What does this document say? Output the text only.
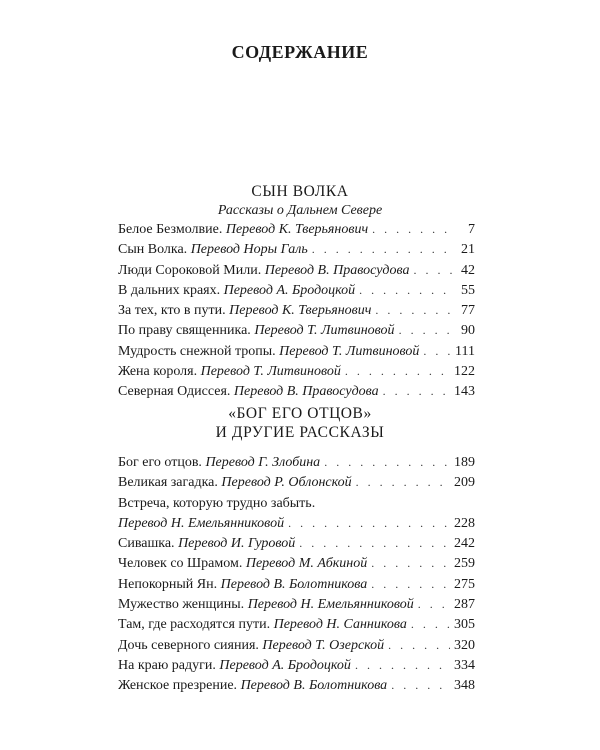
СОДЕРЖАНИЕ
СЫН ВОЛКА
Рассказы о Дальнем Севере
Белое Безмолвие. Перевод К. Тверьянович . . .	7
Сын Волка. Перевод Норы Галь . . .	21
Люди Сороковой Мили. Перевод В. Правосудова . . .	42
В дальних краях. Перевод А. Бродоцкой . . .	55
За тех, кто в пути. Перевод К. Тверьянович . . .	77
По праву священника. Перевод Т. Литвиновой . . .	90
Мудрость снежной тропы. Перевод Т. Литвиновой . . .	111
Жена короля. Перевод Т. Литвиновой . . .	122
Северная Одиссея. Перевод В. Правосудова . . .	143
«БОГ ЕГО ОТЦОВ»
И ДРУГИЕ РАССКАЗЫ
Бог его отцов. Перевод Г. Злобина . . .	189
Великая загадка. Перевод Р. Облонской . . .	209
Встреча, которую трудно забыть.
Перевод Н. Емельянниковой . . .	228
Сивашка. Перевод И. Гуровой . . .	242
Человек со Шрамом. Перевод М. Абкиной . . .	259
Непокорный Ян. Перевод В. Болотникова . . .	275
Мужество женщины. Перевод Н. Емельянниковой . . .	287
Там, где расходятся пути. Перевод Н. Санникова . . .	305
Дочь северного сияния. Перевод Т. Озерской . . .	320
На краю радуги. Перевод А. Бродоцкой . . .	334
Женское презрение. Перевод В. Болотникова . . .	348
